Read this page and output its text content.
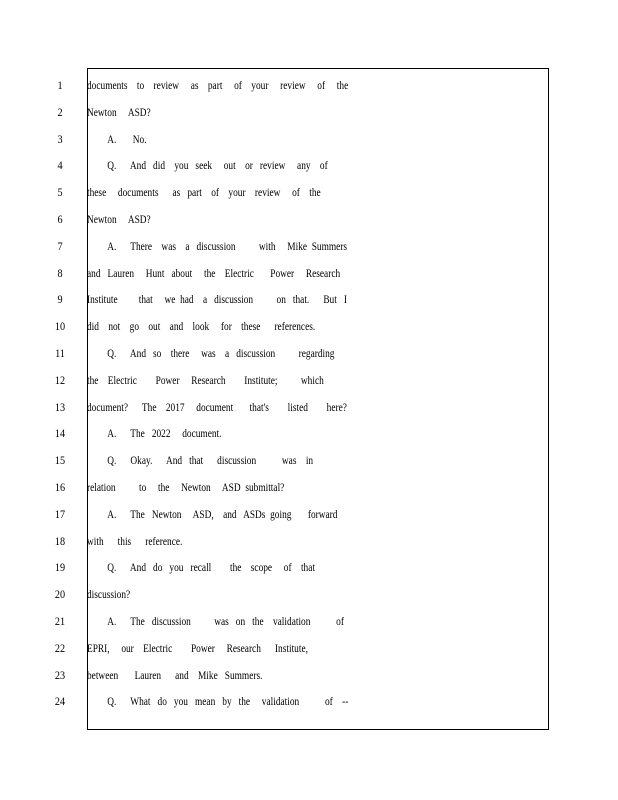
1
2
3
4
5
6
7
8
9
10
11
12
13
14
15
16
17
18
19
20
21
22
23
24
documents    to    review     as    part     of    your     review     of     the
Newton     ASD?
A.       No.
Q.      And   did    you   seek     out    or   review     any    of
these     documents      as   part    of    your    review     of    the
Newton     ASD?
A.      There    was    a   discussion          with     Mike  Summers
and   Lauren     Hunt   about     the    Electric       Power     Research
Institute         that     we  had    a   discussion          on   that.      But   I
did    not    go    out    and    look     for    these      references.
Q.      And   so    there     was    a   discussion          regarding
the    Electric        Power     Research        Institute;          which
document?      The    2017     document       that's        listed        here?
A.      The   2022     document.
Q.      Okay.      And   that      discussion           was    in
relation          to     the     Newton     ASD  submittal?
A.      The   Newton     ASD,    and   ASDs  going       forward
with      this      reference.
Q.      And   do   you   recall        the    scope     of    that
discussion?
A.      The   discussion          was   on   the    validation           of
EPRI,     our    Electric        Power     Research      Institute,
between       Lauren      and    Mike   Summers.
Q.      What   do   you   mean   by   the     validation           of    --
